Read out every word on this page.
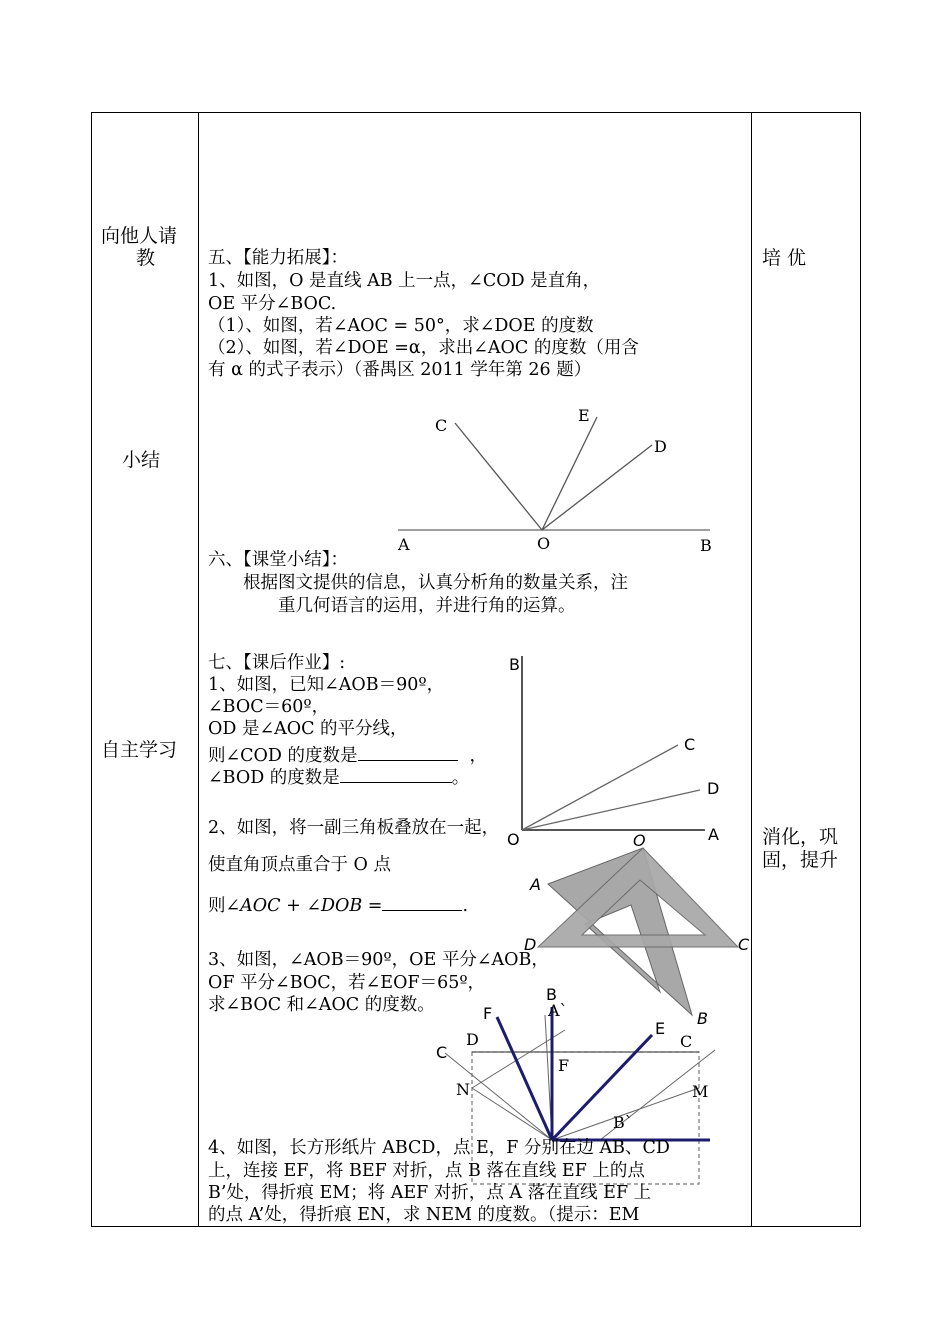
向他人请
教
小结
自主学习
培 优
消化，巩
固，提升
五、【能力拓展】：
1、如图，O 是直线 AB 上一点，∠COD 是直角，
OE 平分∠BOC.
（1）、如图，若∠AOC = 50°，求∠DOE 的度数
（2）、如图，若∠DOE =α，求出∠AOC 的度数（用含
有 α 的式子表示）（番禺区 2011 学年第 26 题）
C
E
D
A	O	B
B
C
D
O	A
O
A
D	C
B
B
F
E
C
A`
D	C
F
N	M
B`
六、【课堂小结】：
根据图文提供的信息，认真分析角的数量关系，注
重几何语言的运用，并进行角的运算。
七、【课后作业】:
1、如图，已知∠AOB＝90º，
∠BOC＝60º，
OD 是∠AOC 的平分线，
则∠COD 的度数是	，
∠BOD 的度数是	。
2、如图，将一副三角板叠放在一起，
使直角顶点重合于 O 点
则∠AOC + ∠DOB =	.
3、如图，∠AOB＝90º，OE 平分∠AOB，
OF 平分∠BOC，若∠EOF＝65º，
求∠BOC 和∠AOC 的度数。
4、如图，长方形纸片 ABCD，点 E，F 分别在边 AB、CD
上，连接 EF，将 BEF 对折，点 B 落在直线 EF 上的点
B’处，得折痕 EM；将 AEF 对折，点 A 落在直线 EF 上
的点 A’处，得折痕 EN，求 NEM 的度数。（提示：EM
